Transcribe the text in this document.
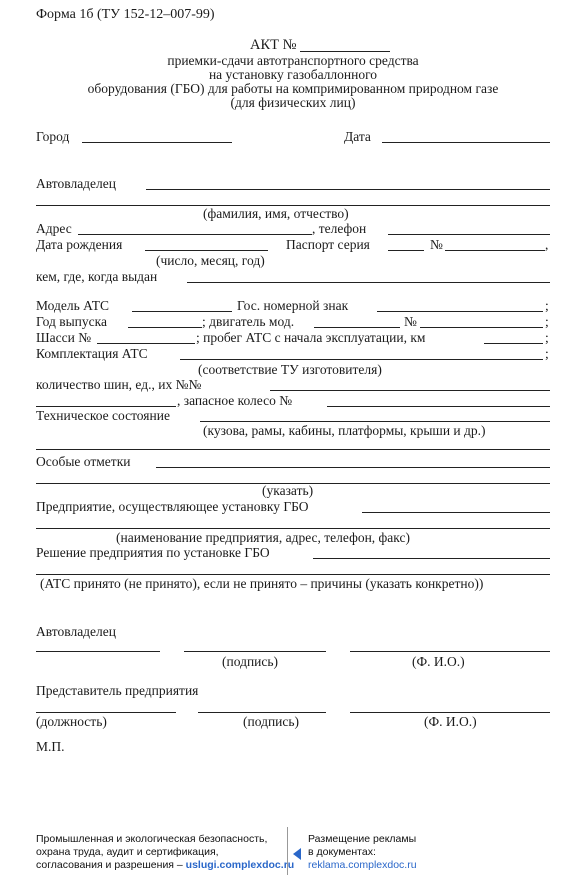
Форма 1б (ТУ 152-12–007-99)
АКТ №
приемки-сдачи автотранспортного средства
на установку газобаллонного
оборудования (ГБО) для работы на компримированном природном газе
(для физических лиц)
Город	Дата
Автовладелец
(фамилия, имя, отчество)
Адрес	, телефон
Дата рождения	Паспорт серия	№	,
(число, месяц, год)
кем, где, когда выдан
Модель АТС	Гос. номерной знак	;
Год выпуска	; двигатель мод.	№	;
Шасси №	; пробег АТС с начала эксплуатации, км	;
Комплектация АТС	;
(соответствие ТУ изготовителя)
количество шин, ед., их №№
, запасное колесо №
Техническое состояние
(кузова, рамы, кабины, платформы, крыши и др.)
Особые отметки
(указать)
Предприятие, осуществляющее установку ГБО
(наименование предприятия, адрес, телефон, факс)
Решение предприятия по установке ГБО
(АТС принято (не принято), если не принято – причины (указать конкретно))
Автовладелец
(подпись)	(Ф. И.О.)
Представитель предприятия
(должность)	(подпись)	(Ф. И.О.)
М.П.
Промышленная и экологическая безопасность,
охрана труда, аудит и сертификация,
согласования и разрешения – uslugi.complexdoc.ru
Размещение рекламы
в документах:
reklama.complexdoc.ru
